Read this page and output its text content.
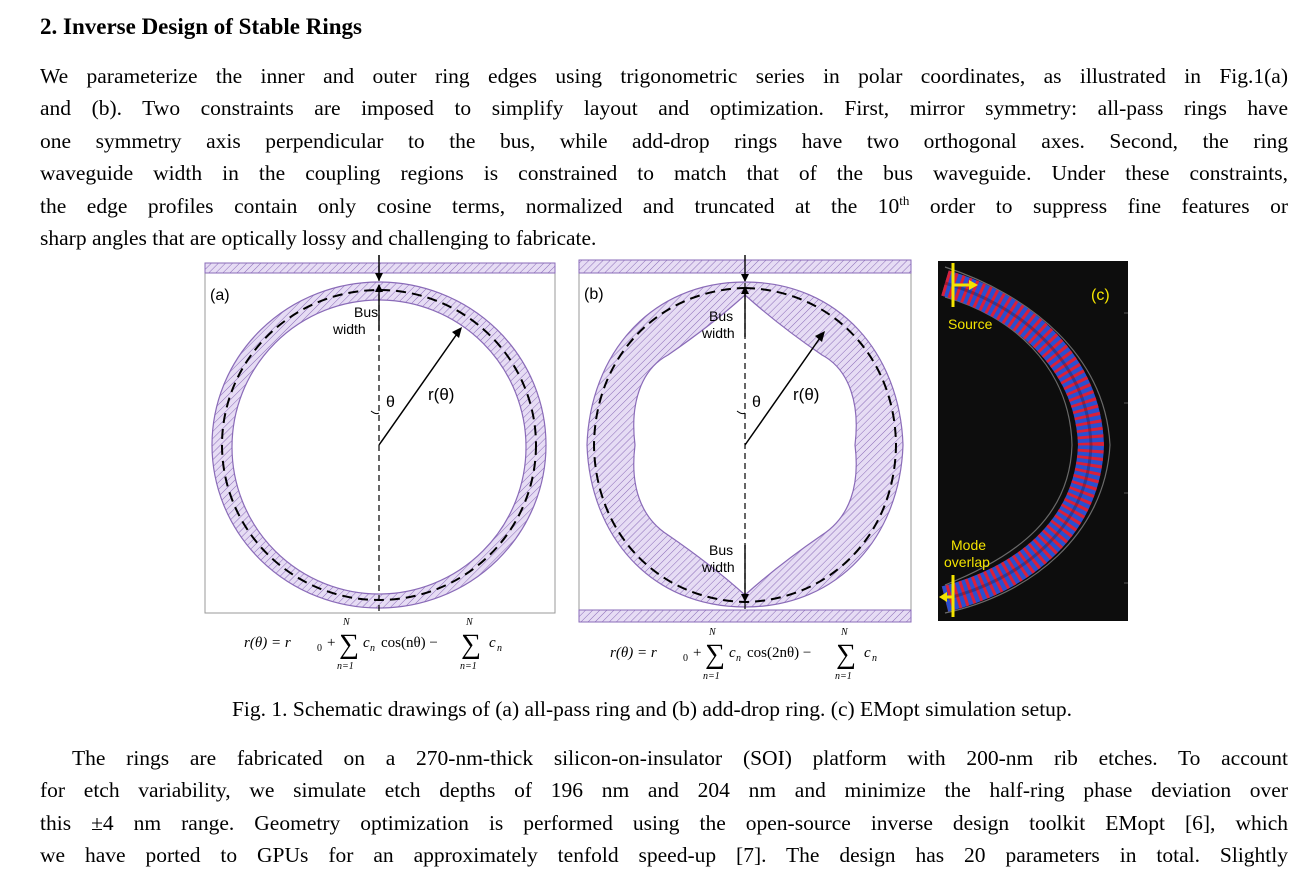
2. Inverse Design of Stable Rings
We parameterize the inner and outer ring edges using trigonometric series in polar coordinates, as illustrated in Fig.1(a)
and (b). Two constraints are imposed to simplify layout and optimization. First, mirror symmetry: all-pass rings have
one symmetry axis perpendicular to the bus, while add-drop rings have two orthogonal axes. Second, the ring
waveguide width in the coupling regions is constrained to match that of the bus waveguide. Under these constraints,
the edge profiles contain only cosine terms, normalized and truncated at the 10th order to suppress fine features or
sharp angles that are optically lossy and challenging to fabricate.
(a)
Bus
width
θ r(θ)
r(θ) = r	0 + ∑
N
n=1
c n cos(nθ) − ∑
N
n=1
c n
(b)
Bus
width
Bus
width
θ r(θ)
r(θ) = r	0 + ∑
N
n=1
c n cos(2nθ) − ∑
N
n=1
c n
(c)
Source
Mode
overlap
Fig. 1. Schematic drawings of (a) all-pass ring and (b) add-drop ring. (c) EMopt simulation setup.
The rings are fabricated on a 270-nm-thick silicon-on-insulator (SOI) platform with 200-nm rib etches. To account
for etch variability, we simulate etch depths of 196 nm and 204 nm and minimize the half-ring phase deviation over
this ±4 nm range. Geometry optimization is performed using the open-source inverse design toolkit EMopt [6], which
we have ported to GPUs for an approximately tenfold speed-up [7]. The design has 20 parameters in total. Slightly
